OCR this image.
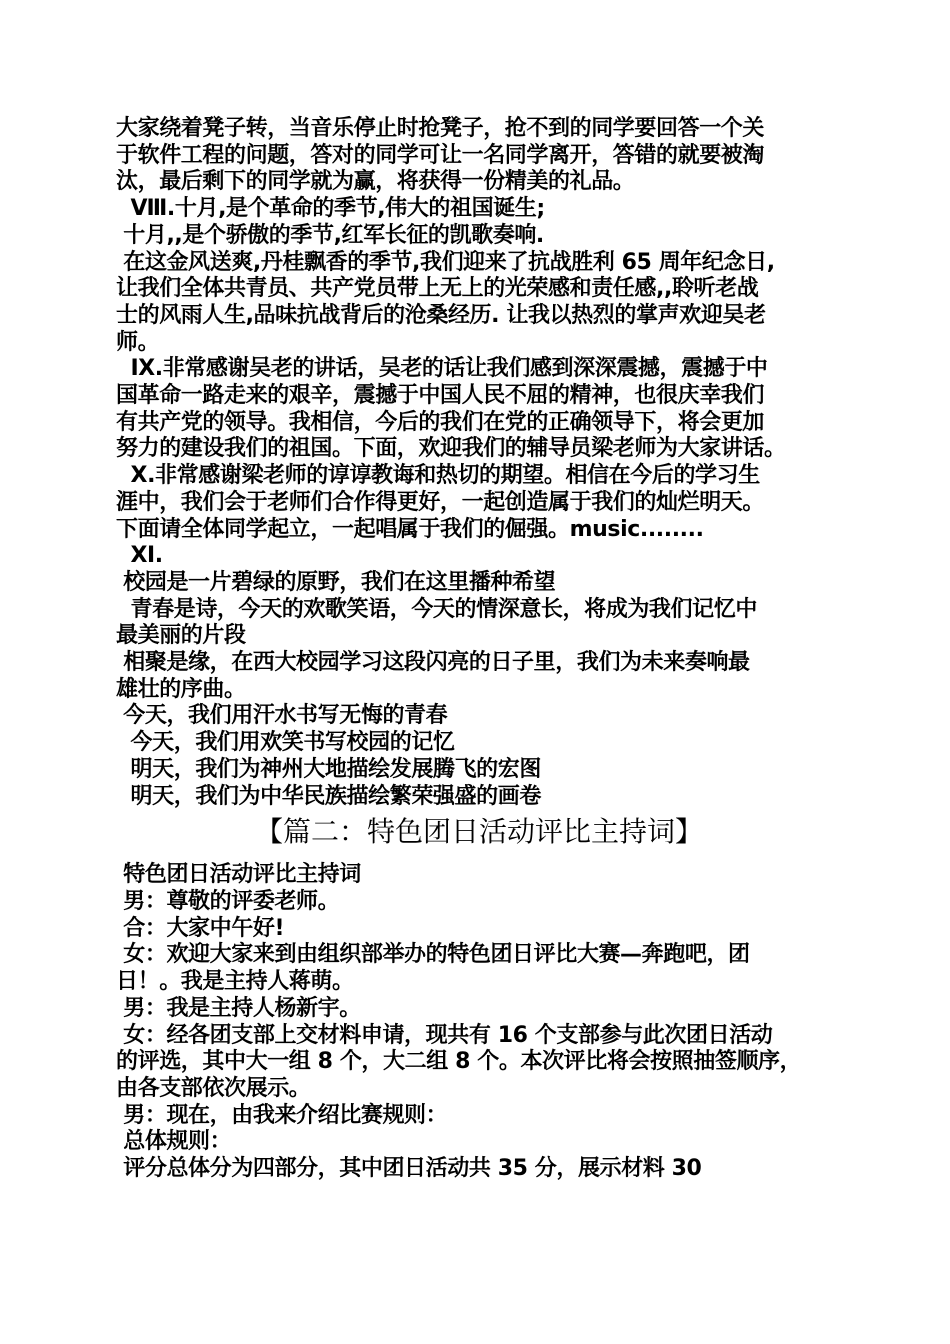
大家绕着凳子转，当音乐停止时抢凳子，抢不到的同学要回答一个关
于软件工程的问题，答对的同学可让一名同学离开，答错的就要被淘
汰，最后剩下的同学就为赢，将获得一份精美的礼品。
Ⅷ.十月,是个革命的季节,伟大的祖国诞生;
十月,,是个骄傲的季节,红军长征的凯歌奏响.
在这金风送爽,丹桂飘香的季节,我们迎来了抗战胜利 65 周年纪念日,
让我们全体共青员、共产党员带上无上的光荣感和责任感,,聆听老战
士的风雨人生,品味抗战背后的沧桑经历. 让我以热烈的掌声欢迎吴老
师。
Ⅸ.非常感谢吴老的讲话，吴老的话让我们感到深深震撼，震撼于中
国革命一路走来的艰辛，震撼于中国人民不屈的精神，也很庆幸我们
有共产党的领导。我相信，今后的我们在党的正确领导下，将会更加
努力的建设我们的祖国。下面，欢迎我们的辅导员梁老师为大家讲话。
Ⅹ.非常感谢梁老师的谆谆教诲和热切的期望。相信在今后的学习生
涯中，我们会于老师们合作得更好，一起创造属于我们的灿烂明天。
下面请全体同学起立，一起唱属于我们的倔强。music........
Ⅺ.
校园是一片碧绿的原野，我们在这里播种希望
青春是诗，今天的欢歌笑语，今天的情深意长，将成为我们记忆中
最美丽的片段
相聚是缘，在西大校园学习这段闪亮的日子里，我们为未来奏响最
雄壮的序曲。
今天，我们用汗水书写无悔的青春
今天，我们用欢笑书写校园的记忆
明天，我们为神州大地描绘发展腾飞的宏图
明天，我们为中华民族描绘繁荣强盛的画卷
【篇二：特色团日活动评比主持词】
特色团日活动评比主持词
男：尊敬的评委老师。
合：大家中午好!
女：欢迎大家来到由组织部举办的特色团日评比大赛—奔跑吧，团
日！。我是主持人蒋萌。
男：我是主持人杨新宇。
女：经各团支部上交材料申请，现共有 16 个支部参与此次团日活动
的评选，其中大一组 8 个，大二组 8 个。本次评比将会按照抽签顺序，
由各支部依次展示。
男：现在，由我来介绍比赛规则：
总体规则：
评分总体分为四部分，其中团日活动共 35 分，展示材料 30
